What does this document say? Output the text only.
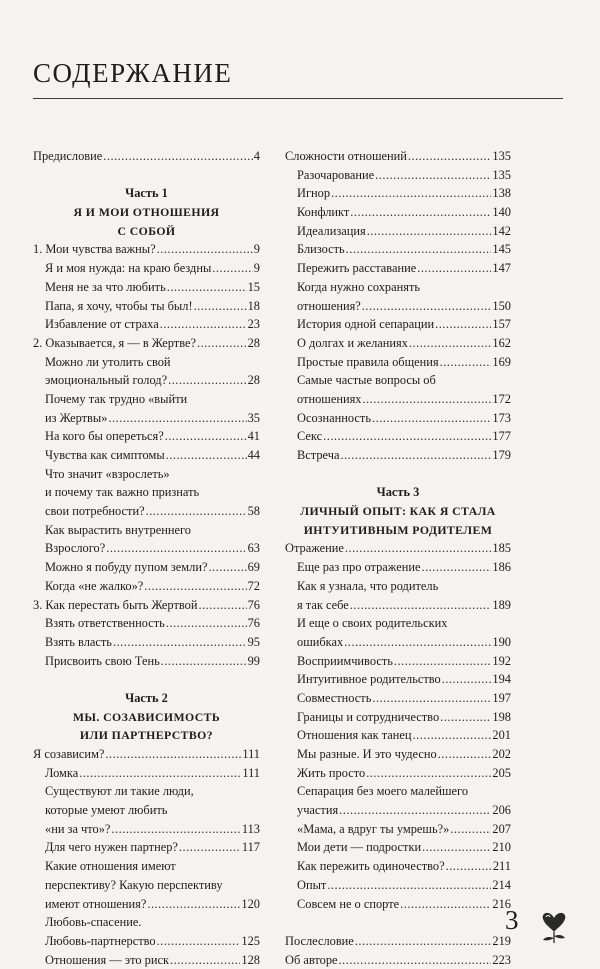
СОДЕРЖАНИЕ
Предисловие .....	4
Часть 1
Я И МОИ ОТНОШЕНИЯ
С СОБОЙ
1. Мои чувства важны? .....	9
Я и моя нужда: на краю бездны .....	9
Меня не за что любить .....	15
Папа, я хочу, чтобы ты был! .....	18
Избавление от страха .....	23
2. Оказывается, я — в Жертве? .....	28
Можно ли утолить свой
эмоциональный голод? .....	28
Почему так трудно «выйти
из Жертвы» .....	35
На кого бы опереться? .....	41
Чувства как симптомы .....	44
Что значит «взрослеть»
и почему так важно признать
свои потребности? .....	58
Как вырастить внутреннего
Взрослого? .....	63
Можно я побуду пупом земли? .....	69
Когда «не жалко»? .....	72
3. Как перестать быть Жертвой .....	76
Взять ответственность .....	76
Взять власть .....	95
Присвоить свою Тень .....	99
Часть 2
МЫ. СОЗАВИСИМОСТЬ
ИЛИ ПАРТНЕРСТВО?
Я созависим? .....	111
Ломка .....	111
Существуют ли такие люди,
которые умеют любить
«ни за что»? .....	113
Для чего нужен партнер? .....	117
Какие отношения имеют
перспективу? Какую перспективу
имеют отношения? .....	120
Любовь-спасение.
Любовь-партнерство .....	125
Отношения — это риск .....	128
Сложности отношений .....	135
Разочарование .....	135
Игнор .....	138
Конфликт .....	140
Идеализация .....	142
Близость .....	145
Пережить расставание .....	147
Когда нужно сохранять
отношения? .....	150
История одной сепарации .....	157
О долгах и желаниях .....	162
Простые правила общения .....	169
Самые частые вопросы об
отношениях .....	172
Осознанность .....	173
Секс .....	177
Встреча .....	179
Часть 3
ЛИЧНЫЙ ОПЫТ: КАК Я СТАЛА
ИНТУИТИВНЫМ РОДИТЕЛЕМ
Отражение .....	185
Еще раз про отражение .....	186
Как я узнала, что родитель
я так себе .....	189
И еще о своих родительских
ошибках .....	190
Восприимчивость .....	192
Интуитивное родительство .....	194
Совместность .....	197
Границы и сотрудничество .....	198
Отношения как танец .....	201
Мы разные. И это чудесно .....	202
Жить просто .....	205
Сепарация без моего малейшего
участия .....	206
«Мама, а вдруг ты умрешь?» .....	207
Мои дети — подростки .....	210
Как пережить одиночество? .....	211
Опыт .....	214
Совсем не о спорте .....	216
Послесловие .....	219
Об авторе .....	223
3
